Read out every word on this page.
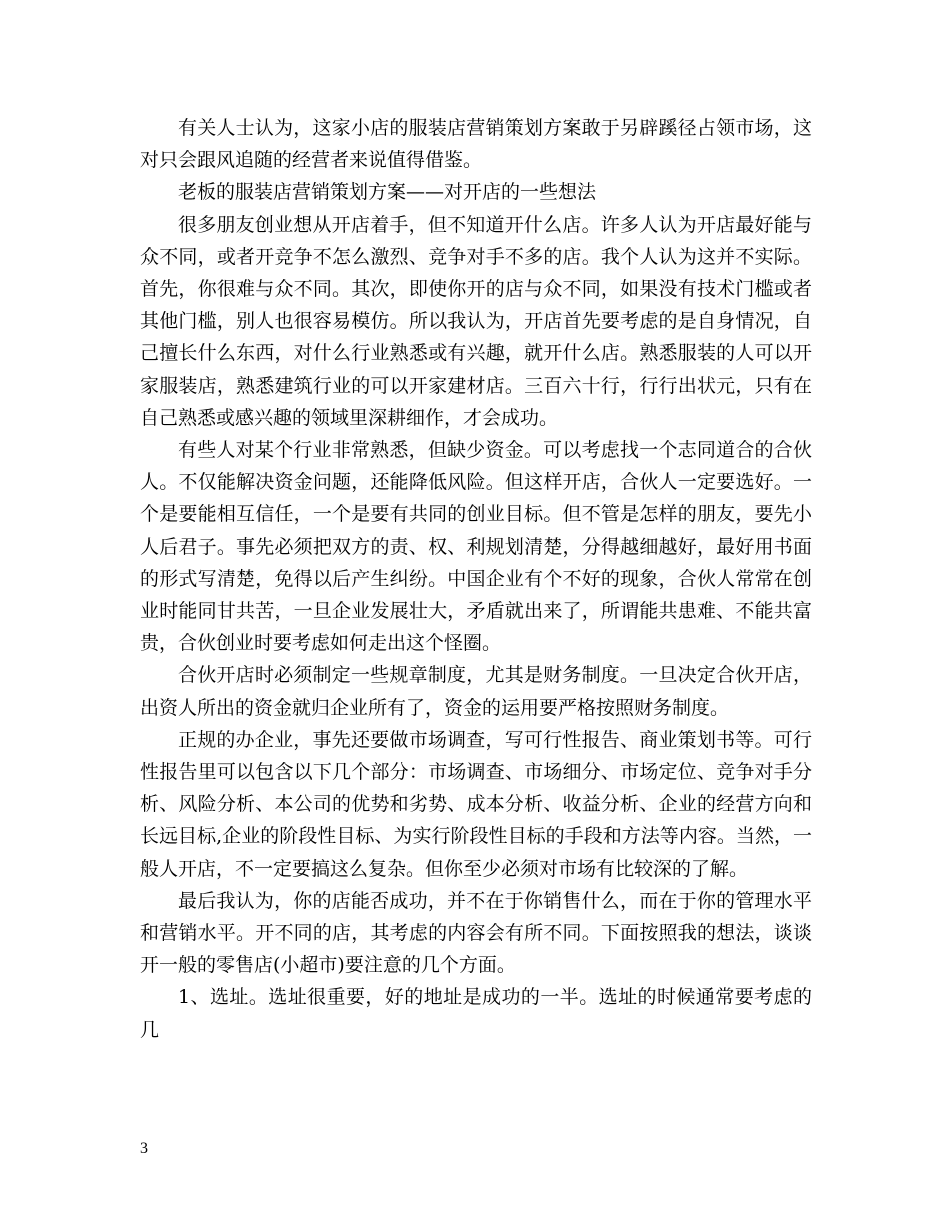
有关人士认为，这家小店的服装店营销策划方案敢于另辟蹊径占领市场，这对只会跟风追随的经营者来说值得借鉴。

老板的服装店营销策划方案——对开店的一些想法

很多朋友创业想从开店着手，但不知道开什么店。许多人认为开店最好能与众不同，或者开竞争不怎么激烈、竞争对手不多的店。我个人认为这并不实际。首先，你很难与众不同。其次，即使你开的店与众不同，如果没有技术门槛或者其他门槛，别人也很容易模仿。所以我认为，开店首先要考虑的是自身情况，自己擅长什么东西，对什么行业熟悉或有兴趣，就开什么店。熟悉服装的人可以开家服装店，熟悉建筑行业的可以开家建材店。三百六十行，行行出状元，只有在自己熟悉或感兴趣的领域里深耕细作，才会成功。

有些人对某个行业非常熟悉，但缺少资金。可以考虑找一个志同道合的合伙人。不仅能解决资金问题，还能降低风险。但这样开店，合伙人一定要选好。一个是要能相互信任，一个是要有共同的创业目标。但不管是怎样的朋友，要先小人后君子。事先必须把双方的责、权、利规划清楚，分得越细越好，最好用书面的形式写清楚，免得以后产生纠纷。中国企业有个不好的现象，合伙人常常在创业时能同甘共苦，一旦企业发展壮大，矛盾就出来了，所谓能共患难、不能共富贵，合伙创业时要考虑如何走出这个怪圈。

合伙开店时必须制定一些规章制度，尤其是财务制度。一旦决定合伙开店，出资人所出的资金就归企业所有了，资金的运用要严格按照财务制度。

正规的办企业，事先还要做市场调查，写可行性报告、商业策划书等。可行性报告里可以包含以下几个部分：市场调查、市场细分、市场定位、竞争对手分析、风险分析、本公司的优势和劣势、成本分析、收益分析、企业的经营方向和长远目标,企业的阶段性目标、为实行阶段性目标的手段和方法等内容。当然，一般人开店，不一定要搞这么复杂。但你至少必须对市场有比较深的了解。

最后我认为，你的店能否成功，并不在于你销售什么，而在于你的管理水平和营销水平。开不同的店，其考虑的内容会有所不同。下面按照我的想法，谈谈开一般的零售店(小超市)要注意的几个方面。

1、选址。选址很重要，好的地址是成功的一半。选址的时候通常要考虑的几

3
